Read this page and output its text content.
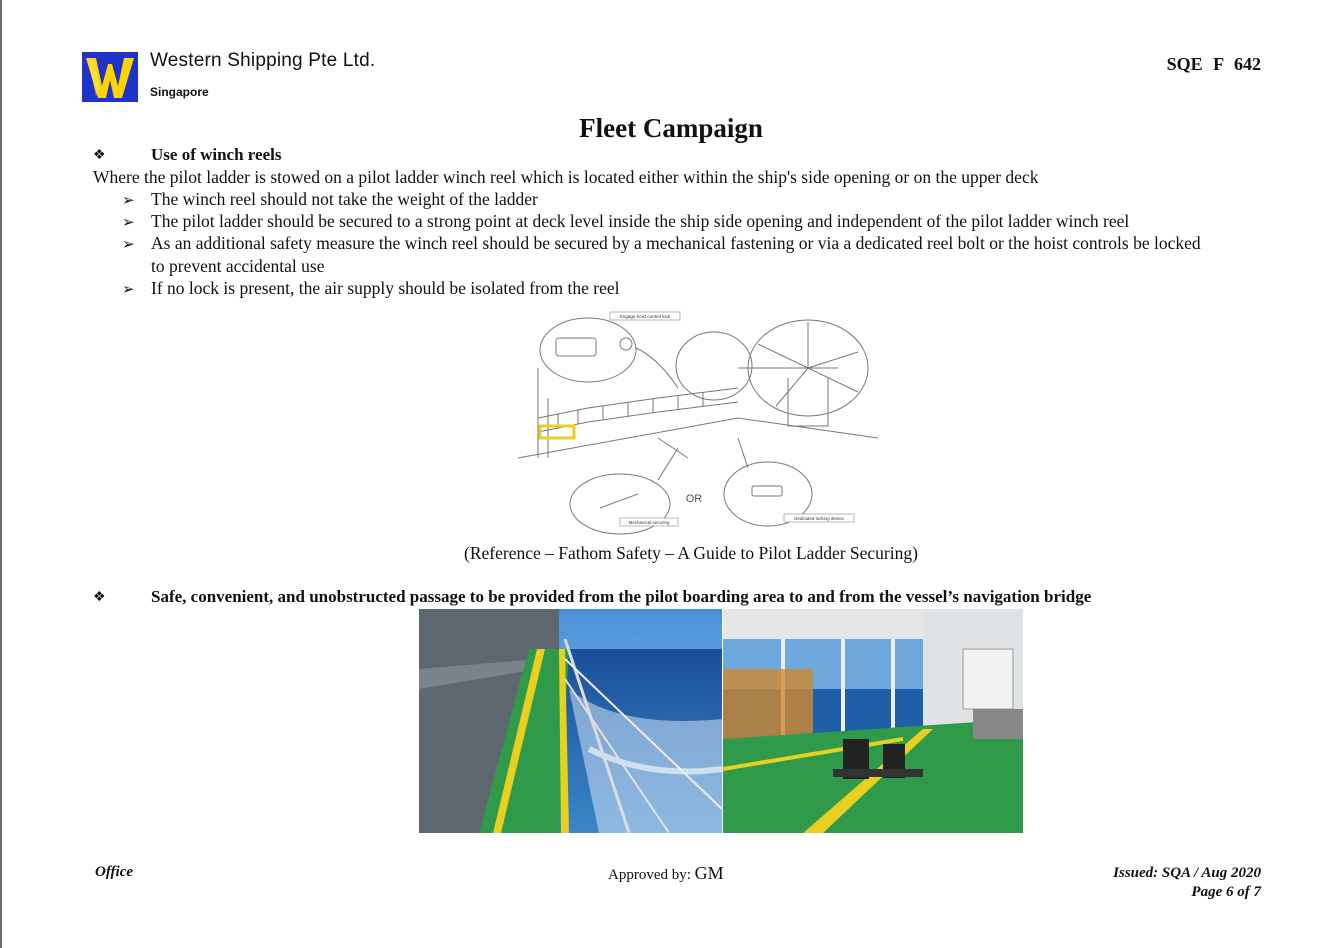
Western Shipping Pte Ltd.
Singapore
SQE F 642
Fleet Campaign
❖	Use of winch reels
Where the pilot ladder is stowed on a pilot ladder winch reel which is located either within the ship's side opening or on the upper deck
➢ The winch reel should not take the weight of the ladder
➢ The pilot ladder should be secured to a strong point at deck level inside the ship side opening and independent of the pilot ladder winch reel
➢ As an additional safety measure the winch reel should be secured by a mechanical fastening or via a dedicated reel bolt or the hoist controls be locked
to prevent accidental use
➢ If no lock is present, the air supply should be isolated from the reel
Engage hoist control lock
OR
Mechanical securing
Dedicated locking device
(Reference – Fathom Safety – A Guide to Pilot Ladder Securing)
❖	Safe, convenient, and unobstructed passage to be provided from the pilot boarding area to and from the vessel’s navigation bridge
Office	Approved by: GM	Issued: SQA / Aug 2020
Page 6 of 7
